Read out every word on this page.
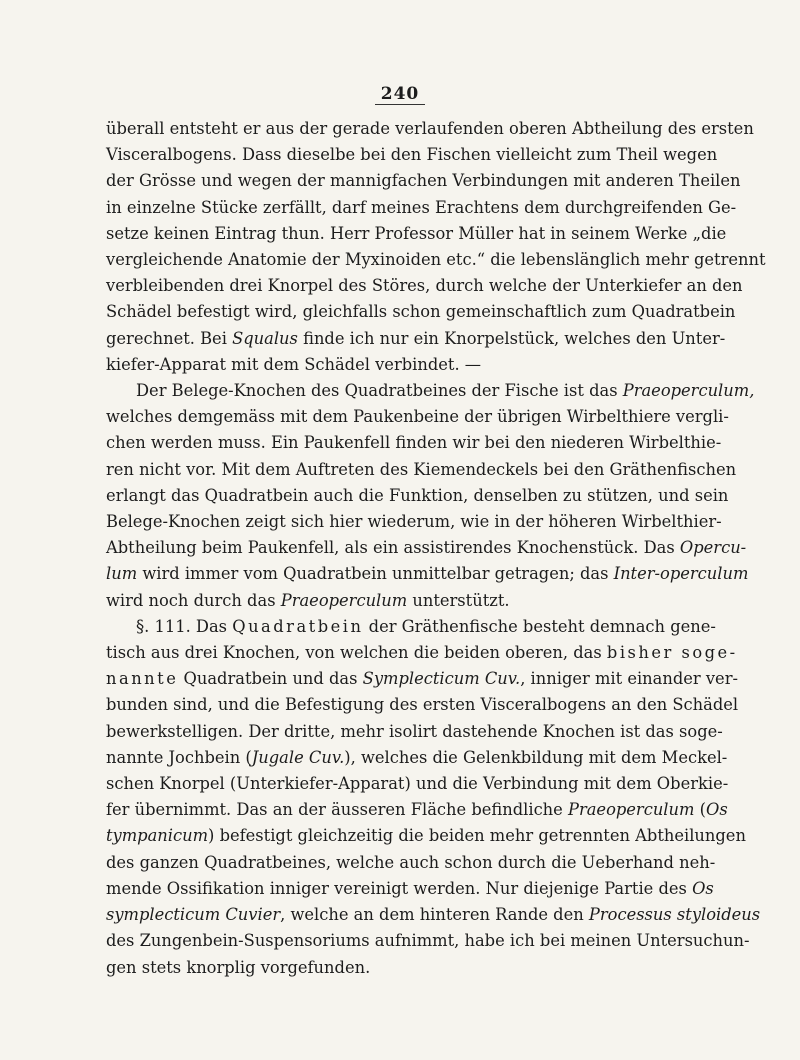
240
überall entsteht er aus der gerade verlaufenden oberen Abtheilung des ersten
Visceralbogens. Dass dieselbe bei den Fischen vielleicht zum Theil wegen
der Grösse und wegen der mannigfachen Verbindungen mit anderen Theilen
in einzelne Stücke zerfällt, darf meines Erachtens dem durchgreifenden Ge-
setze keinen Eintrag thun. Herr Professor Müller hat in seinem Werke „die
vergleichende Anatomie der Myxinoiden etc.“ die lebenslänglich mehr getrennt
verbleibenden drei Knorpel des Störes, durch welche der Unterkiefer an den
Schädel befestigt wird, gleichfalls schon gemeinschaftlich zum Quadratbein
gerechnet. Bei Squalus finde ich nur ein Knorpelstück, welches den Unter-
kiefer-Apparat mit dem Schädel verbindet. —
Der Belege-Knochen des Quadratbeines der Fische ist das Praeoperculum,
welches demgemäss mit dem Paukenbeine der übrigen Wirbelthiere vergli-
chen werden muss. Ein Paukenfell finden wir bei den niederen Wirbelthie-
ren nicht vor. Mit dem Auftreten des Kiemendeckels bei den Gräthenfischen
erlangt das Quadratbein auch die Funktion, denselben zu stützen, und sein
Belege-Knochen zeigt sich hier wiederum, wie in der höheren Wirbelthier-
Abtheilung beim Paukenfell, als ein assistirendes Knochenstück. Das Opercu-
lum wird immer vom Quadratbein unmittelbar getragen; das Inter-operculum
wird noch durch das Praeoperculum unterstützt.
§. 111. Das Quadratbein der Gräthenfische besteht demnach gene-
tisch aus drei Knochen, von welchen die beiden oberen, das bisher soge-
nannte Quadratbein und das Symplecticum Cuv., inniger mit einander ver-
bunden sind, und die Befestigung des ersten Visceralbogens an den Schädel
bewerkstelligen. Der dritte, mehr isolirt dastehende Knochen ist das soge-
nannte Jochbein (Jugale Cuv.), welches die Gelenkbildung mit dem Meckel-
schen Knorpel (Unterkiefer-Apparat) und die Verbindung mit dem Oberkie-
fer übernimmt. Das an der äusseren Fläche befindliche Praeoperculum (Os
tympanicum) befestigt gleichzeitig die beiden mehr getrennten Abtheilungen
des ganzen Quadratbeines, welche auch schon durch die Ueberhand neh-
mende Ossifikation inniger vereinigt werden. Nur diejenige Partie des Os
symplecticum Cuvier, welche an dem hinteren Rande den Processus styloideus
des Zungenbein-Suspensoriums aufnimmt, habe ich bei meinen Untersuchun-
gen stets knorplig vorgefunden.
